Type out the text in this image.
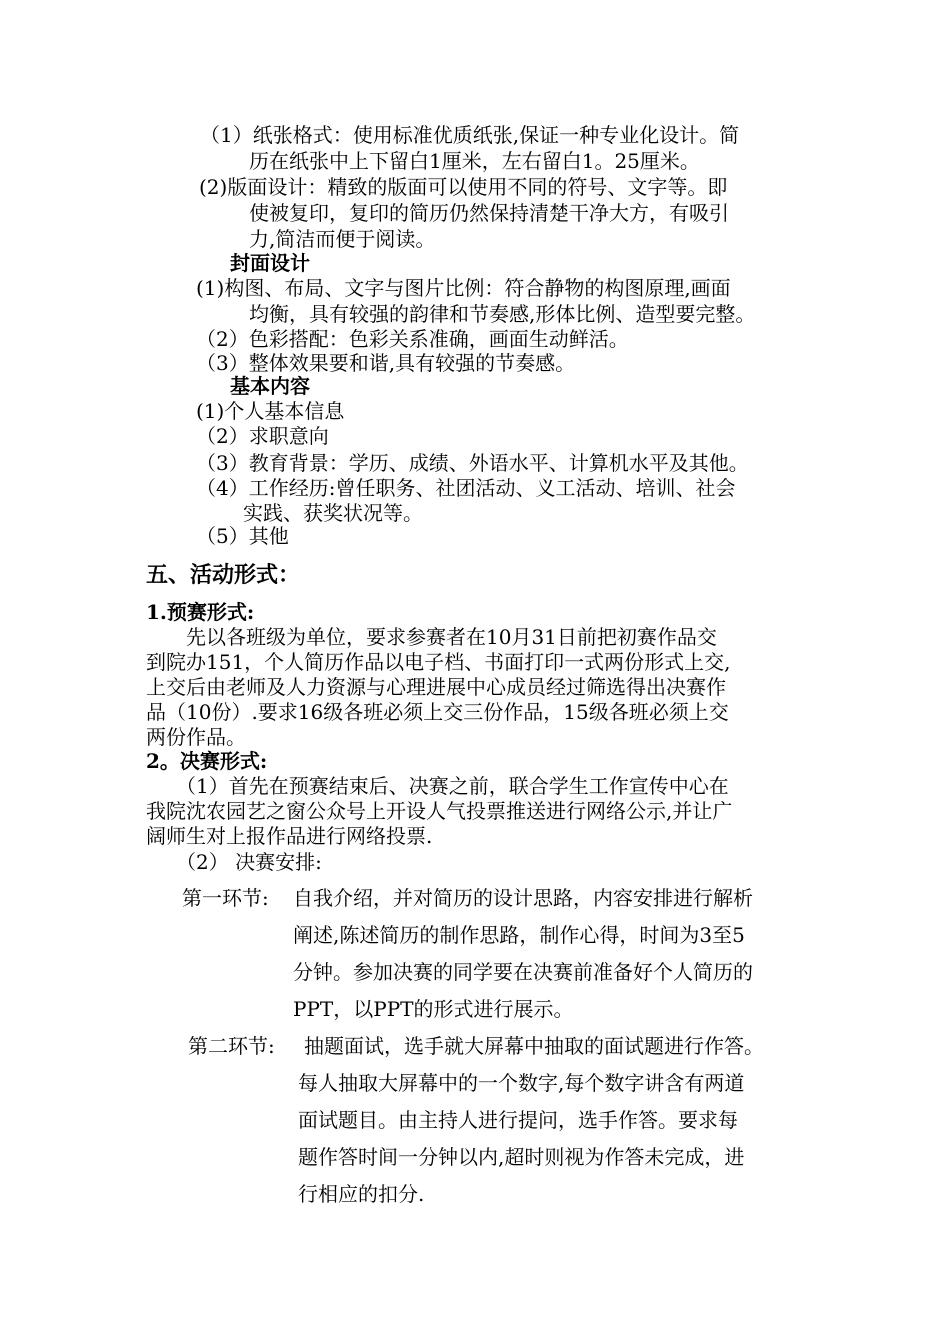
（1）纸张格式：使用标准优质纸张,保证一种专业化设计。简
历在纸张中上下留白1厘米，左右留白1。25厘米。
(2)版面设计：精致的版面可以使用不同的符号、文字等。即
使被复印，复印的简历仍然保持清楚干净大方，有吸引
力,简洁而便于阅读。
封面设计
(1)构图、布局、文字与图片比例：符合静物的构图原理,画面
均衡，具有较强的韵律和节奏感,形体比例、造型要完整。
（2）色彩搭配：色彩关系准确，画面生动鲜活。
（3）整体效果要和谐,具有较强的节奏感。
基本内容
(1)个人基本信息
（2）求职意向
（3）教育背景：学历、成绩、外语水平、计算机水平及其他。
（4）工作经历:曾任职务、社团活动、义工活动、培训、社会
实践、获奖状况等。
（5）其他
五、活动形式：
1.预赛形式:
先以各班级为单位，要求参赛者在10月31日前把初赛作品交
到院办151，个人简历作品以电子档、书面打印一式两份形式上交,
上交后由老师及人力资源与心理进展中心成员经过筛选得出决赛作
品（10份）.要求16级各班必须上交三份作品，15级各班必须上交
两份作品。
2。决赛形式:
（1）首先在预赛结束后、决赛之前，联合学生工作宣传中心在
我院沈农园艺之窗公众号上开设人气投票推送进行网络公示,并让广
阔师生对上报作品进行网络投票.
（2） 决赛安排:
第一环节: 自我介绍，并对简历的设计思路，内容安排进行解析
阐述,陈述简历的制作思路，制作心得，时间为3至5
分钟。参加决赛的同学要在决赛前准备好个人简历的
PPT，以PPT的形式进行展示。
第二环节: 抽题面试，选手就大屏幕中抽取的面试题进行作答。
每人抽取大屏幕中的一个数字,每个数字讲含有两道
面试题目。由主持人进行提问，选手作答。要求每
题作答时间一分钟以内,超时则视为作答未完成，进
行相应的扣分.
